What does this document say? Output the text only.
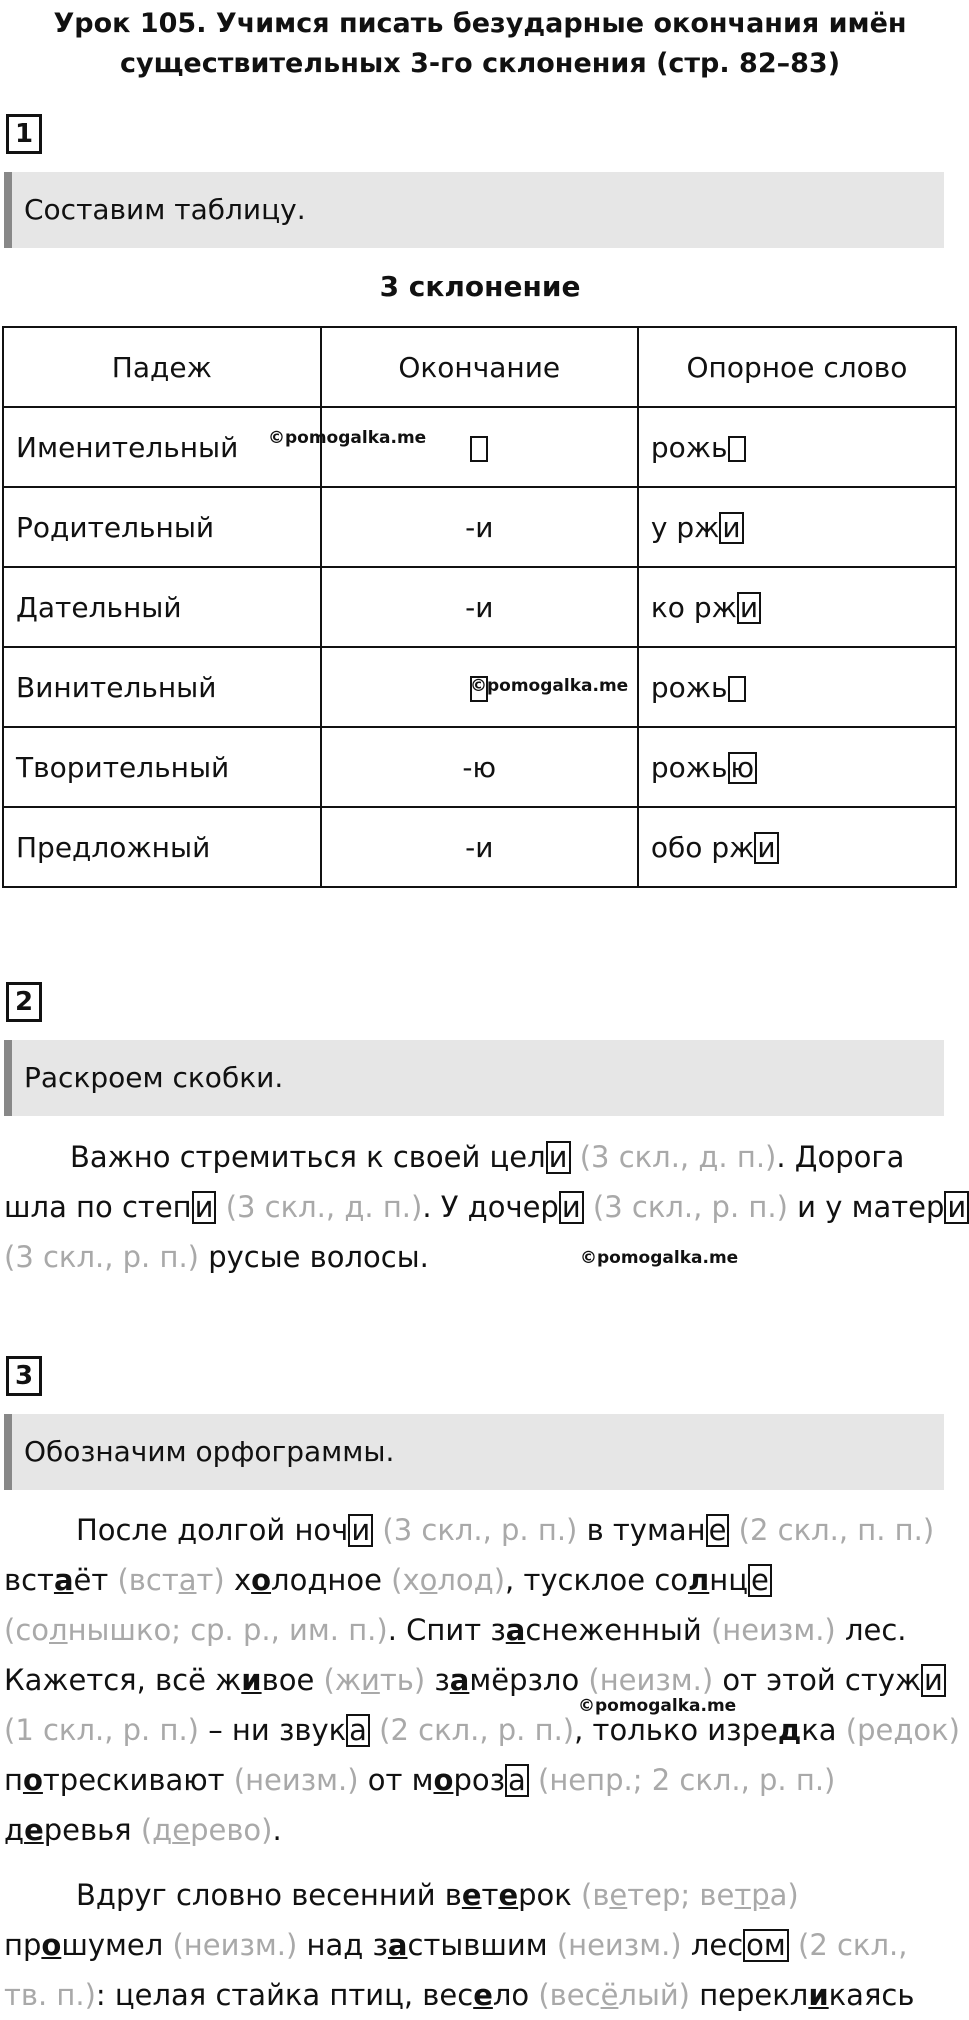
Урок 105. Учимся писать безударные окончания имён
существительных 3-го склонения (стр. 82–83)
1
Составим таблицу.
3 склонение
Падеж	Окончание	Опорное слово
Именительный		рожь
Родительный	-и	у рж и
Дательный	-и	ко рж и
Винительный		рожь
Творительный	-ю	рожь ю
Предложный	-и	обо рж и
©pomogalka.me
©pomogalka.me
2
Раскроем скобки.
Важно стремиться к своей цел и (3 скл., д. п.). Дорога
шла по степ и (3 скл., д. п.). У дочер и (3 скл., р. п.) и у матер и
(3 скл., р. п.) русые волосы.	©pomogalka.me
3
Обозначим орфограммы.
После долгой ноч и (3 скл., р. п.) в туман е (2 скл., п. п.)
встаёт (встат) холодное (холод), тусклое солнц е
(солнышко; ср. р., им. п.). Спит заснеженный (неизм.) лес.
Кажется, всё живое (жить) замёрзло (неизм.) от этой стуж и
(1 скл., р. п.) – ни звук а (2 скл., р. п.), только изредка (редок)
потрескивают (неизм.) от мороз а (непр.; 2 скл., р. п.)
деревья (дерево).
Вдруг словно весенний ветерок (ветер; ветра)
прошумел (неизм.) над застывшим (неизм.) лес ом (2 скл.,
тв. п.): целая стайка птиц, весело (весёлый) перекликаясь
©pomogalka.me
